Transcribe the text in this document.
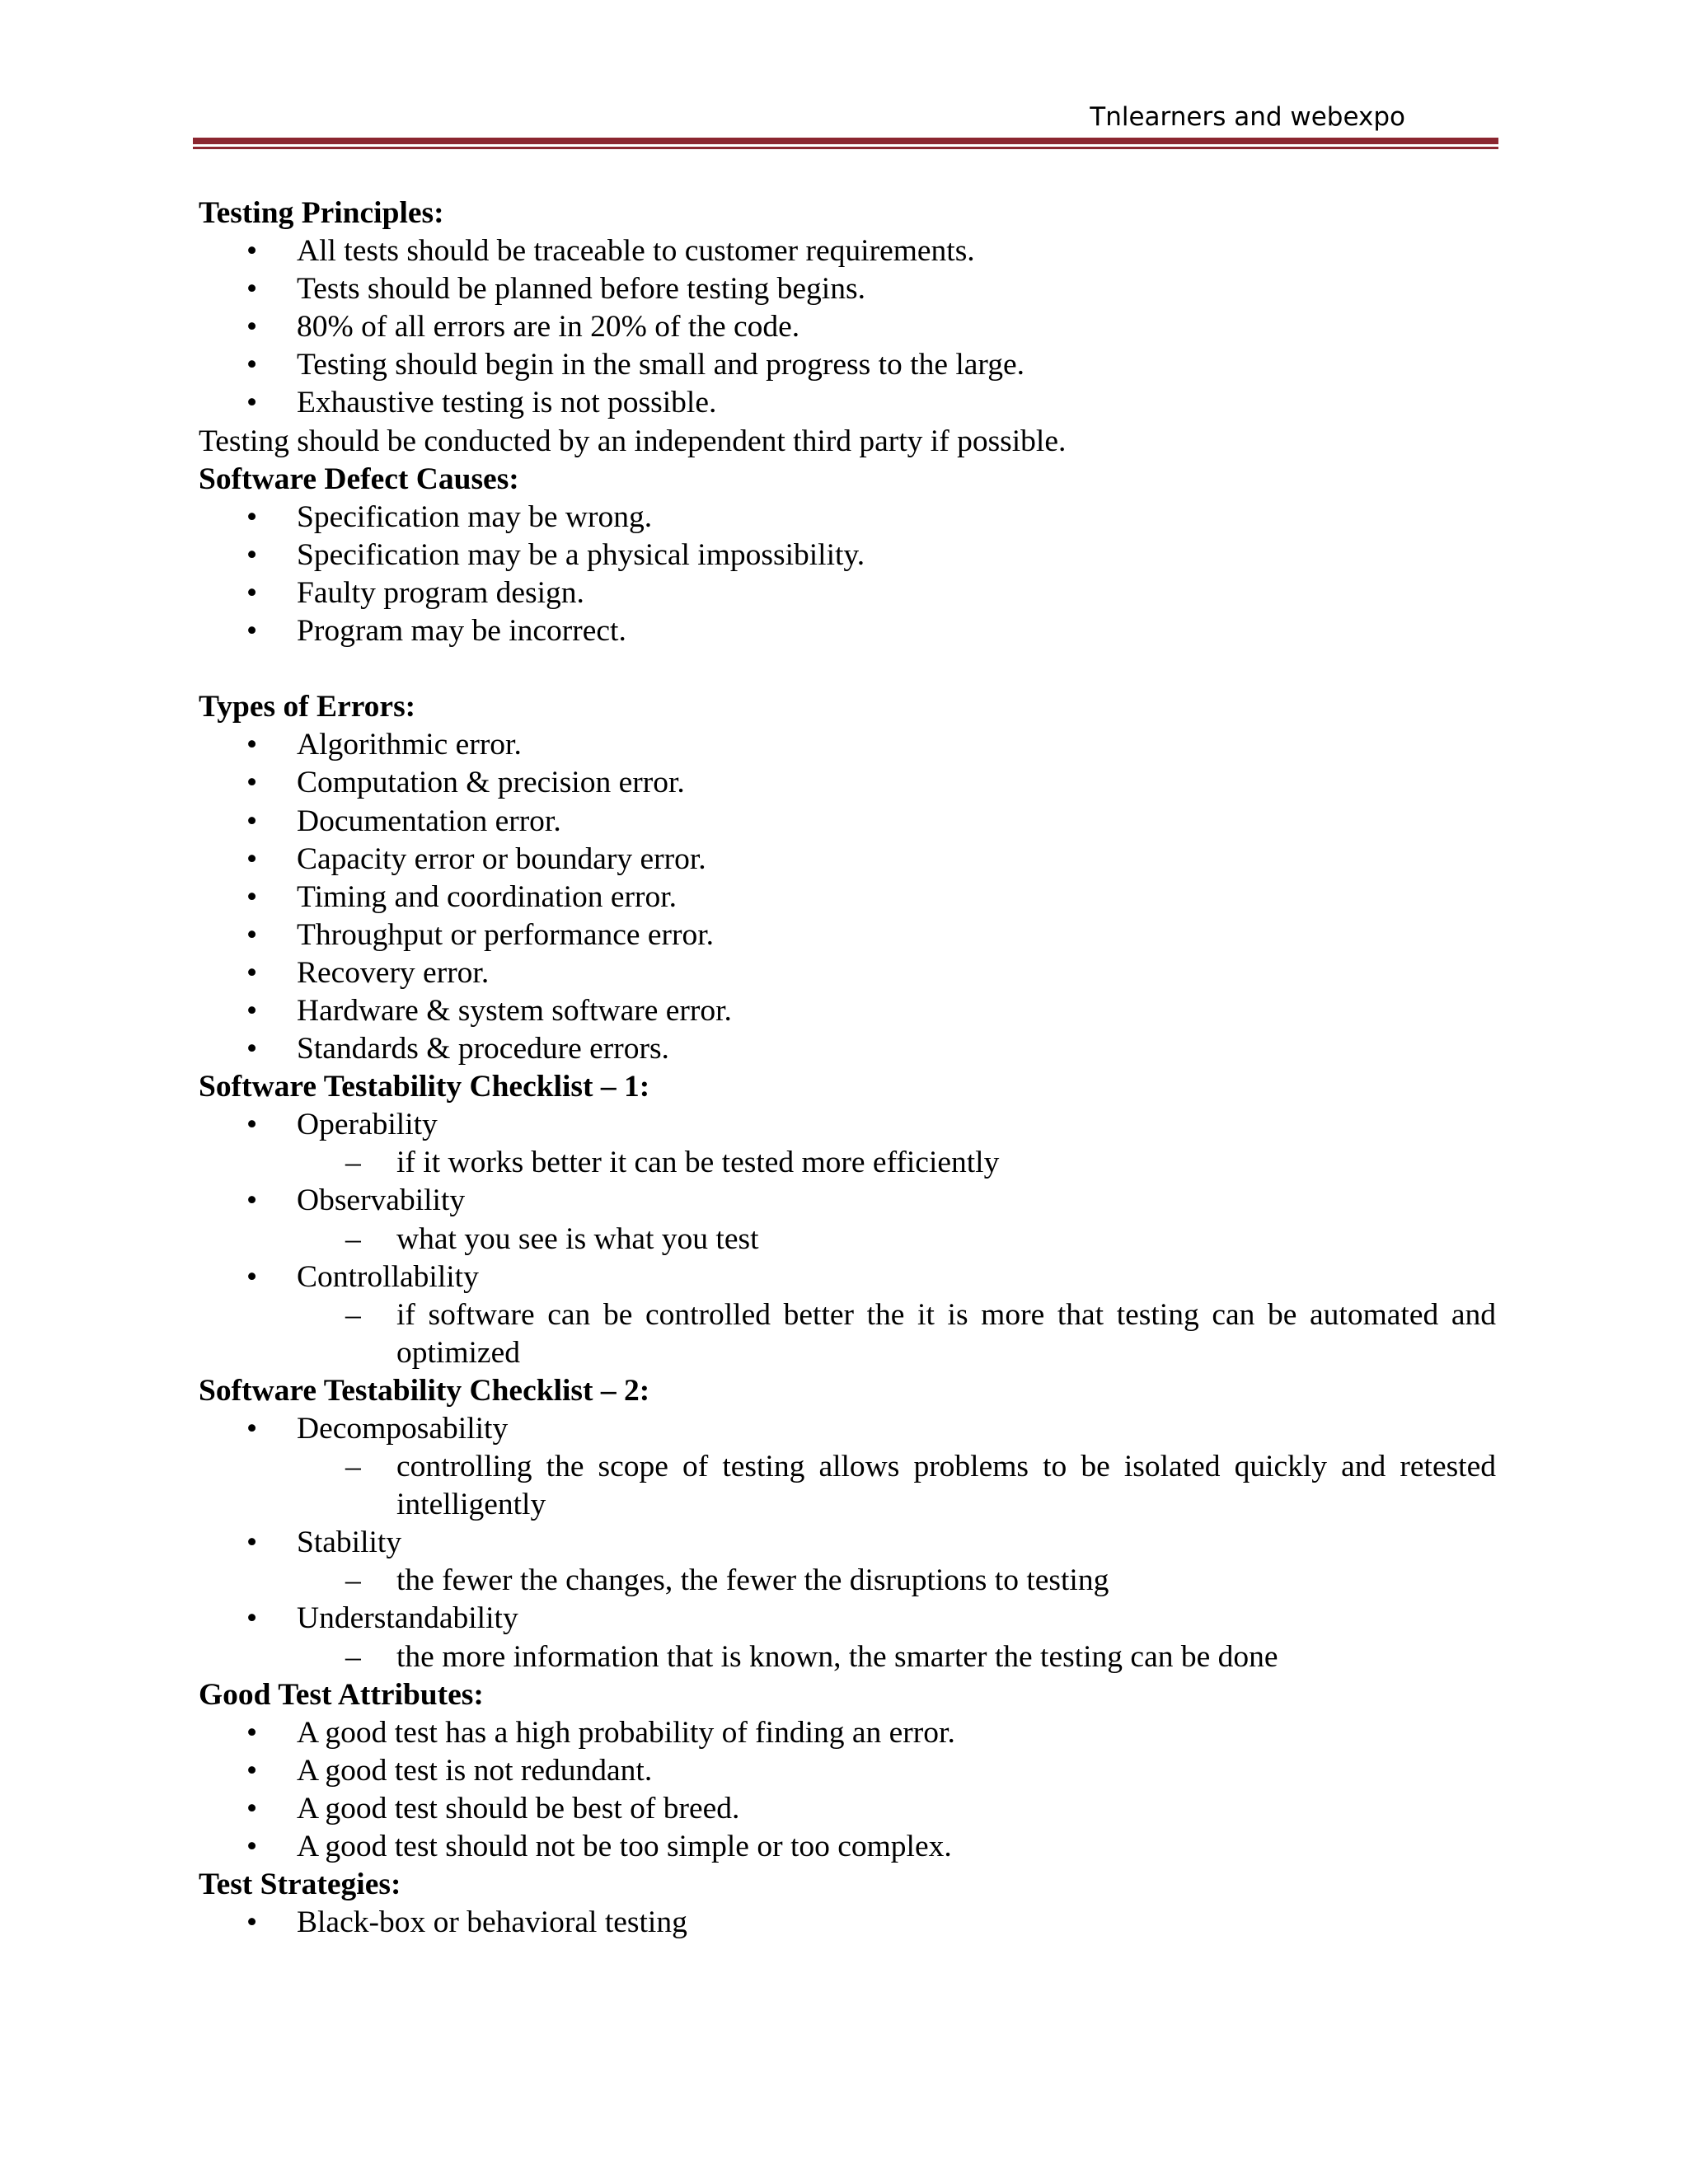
Tnlearners and webexpo
Testing Principles:
• All tests should be traceable to customer requirements.
• Tests should be planned before testing begins.
• 80% of all errors are in 20% of the code.
• Testing should begin in the small and progress to the large.
• Exhaustive testing is not possible.
Testing should be conducted by an independent third party if possible.
Software Defect Causes:
• Specification may be wrong.
• Specification may be a physical impossibility.
• Faulty program design.
• Program may be incorrect.
Types of Errors:
• Algorithmic error.
• Computation & precision error.
• Documentation error.
• Capacity error or boundary error.
• Timing and coordination error.
• Throughput or performance error.
• Recovery error.
• Hardware & system software error.
• Standards & procedure errors.
Software Testability Checklist – 1:
• Operability
– if it works better it can be tested more efficiently
• Observability
– what you see is what you test
• Controllability
– if software can be controlled better the it is more that testing can be automated and optimized
Software Testability Checklist – 2:
• Decomposability
– controlling the scope of testing allows problems to be isolated quickly and retested intelligently
• Stability
– the fewer the changes, the fewer the disruptions to testing
• Understandability
– the more information that is known, the smarter the testing can be done
Good Test Attributes:
• A good test has a high probability of finding an error.
• A good test is not redundant.
• A good test should be best of breed.
• A good test should not be too simple or too complex.
Test Strategies:
• Black-box or behavioral testing
